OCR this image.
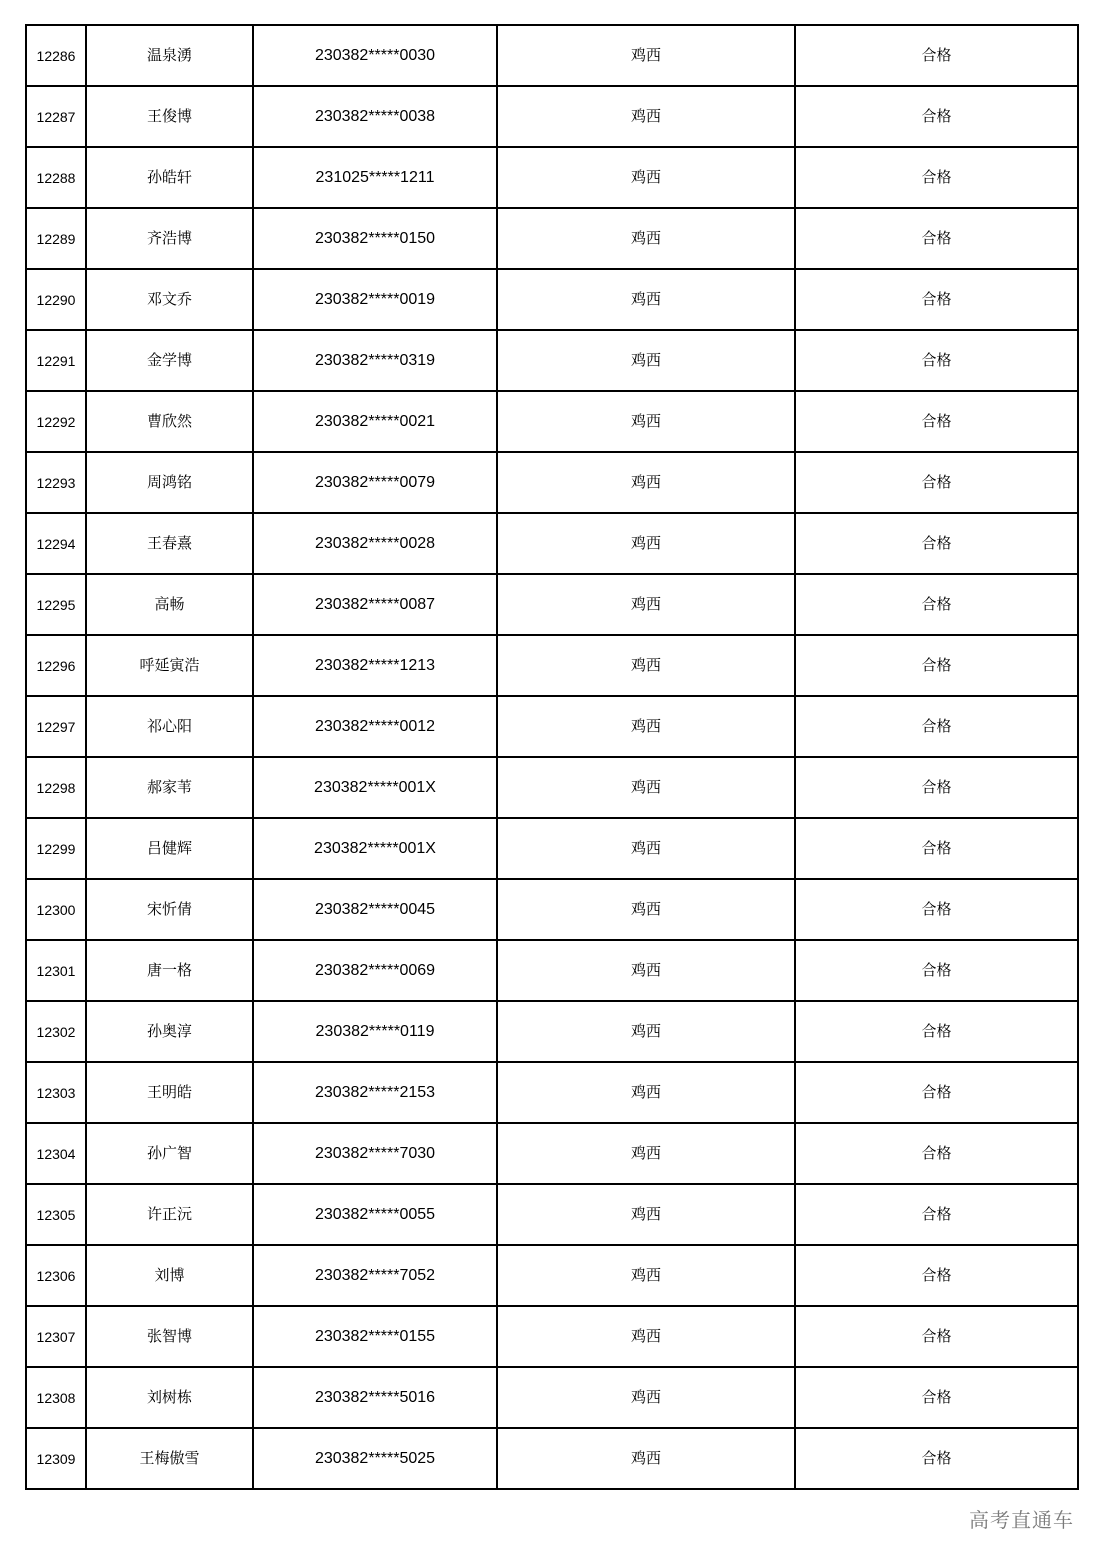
12286	温泉湧	230382*****0030	鸡西	合格
12287	王俊博	230382*****0038	鸡西	合格
12288	孙皓轩	231025*****1211	鸡西	合格
12289	齐浩博	230382*****0150	鸡西	合格
12290	邓文乔	230382*****0019	鸡西	合格
12291	金学博	230382*****0319	鸡西	合格
12292	曹欣然	230382*****0021	鸡西	合格
12293	周鸿铭	230382*****0079	鸡西	合格
12294	王春熹	230382*****0028	鸡西	合格
12295	高畅	230382*****0087	鸡西	合格
12296	呼延寅浩	230382*****1213	鸡西	合格
12297	祁心阳	230382*****0012	鸡西	合格
12298	郝家苇	230382*****001X	鸡西	合格
12299	吕健辉	230382*****001X	鸡西	合格
12300	宋忻倩	230382*****0045	鸡西	合格
12301	唐一格	230382*****0069	鸡西	合格
12302	孙奥淳	230382*****0119	鸡西	合格
12303	王明皓	230382*****2153	鸡西	合格
12304	孙广智	230382*****7030	鸡西	合格
12305	许正沅	230382*****0055	鸡西	合格
12306	刘博	230382*****7052	鸡西	合格
12307	张智博	230382*****0155	鸡西	合格
12308	刘树栋	230382*****5016	鸡西	合格
12309	王梅傲雪	230382*****5025	鸡西	合格
高考直通车
